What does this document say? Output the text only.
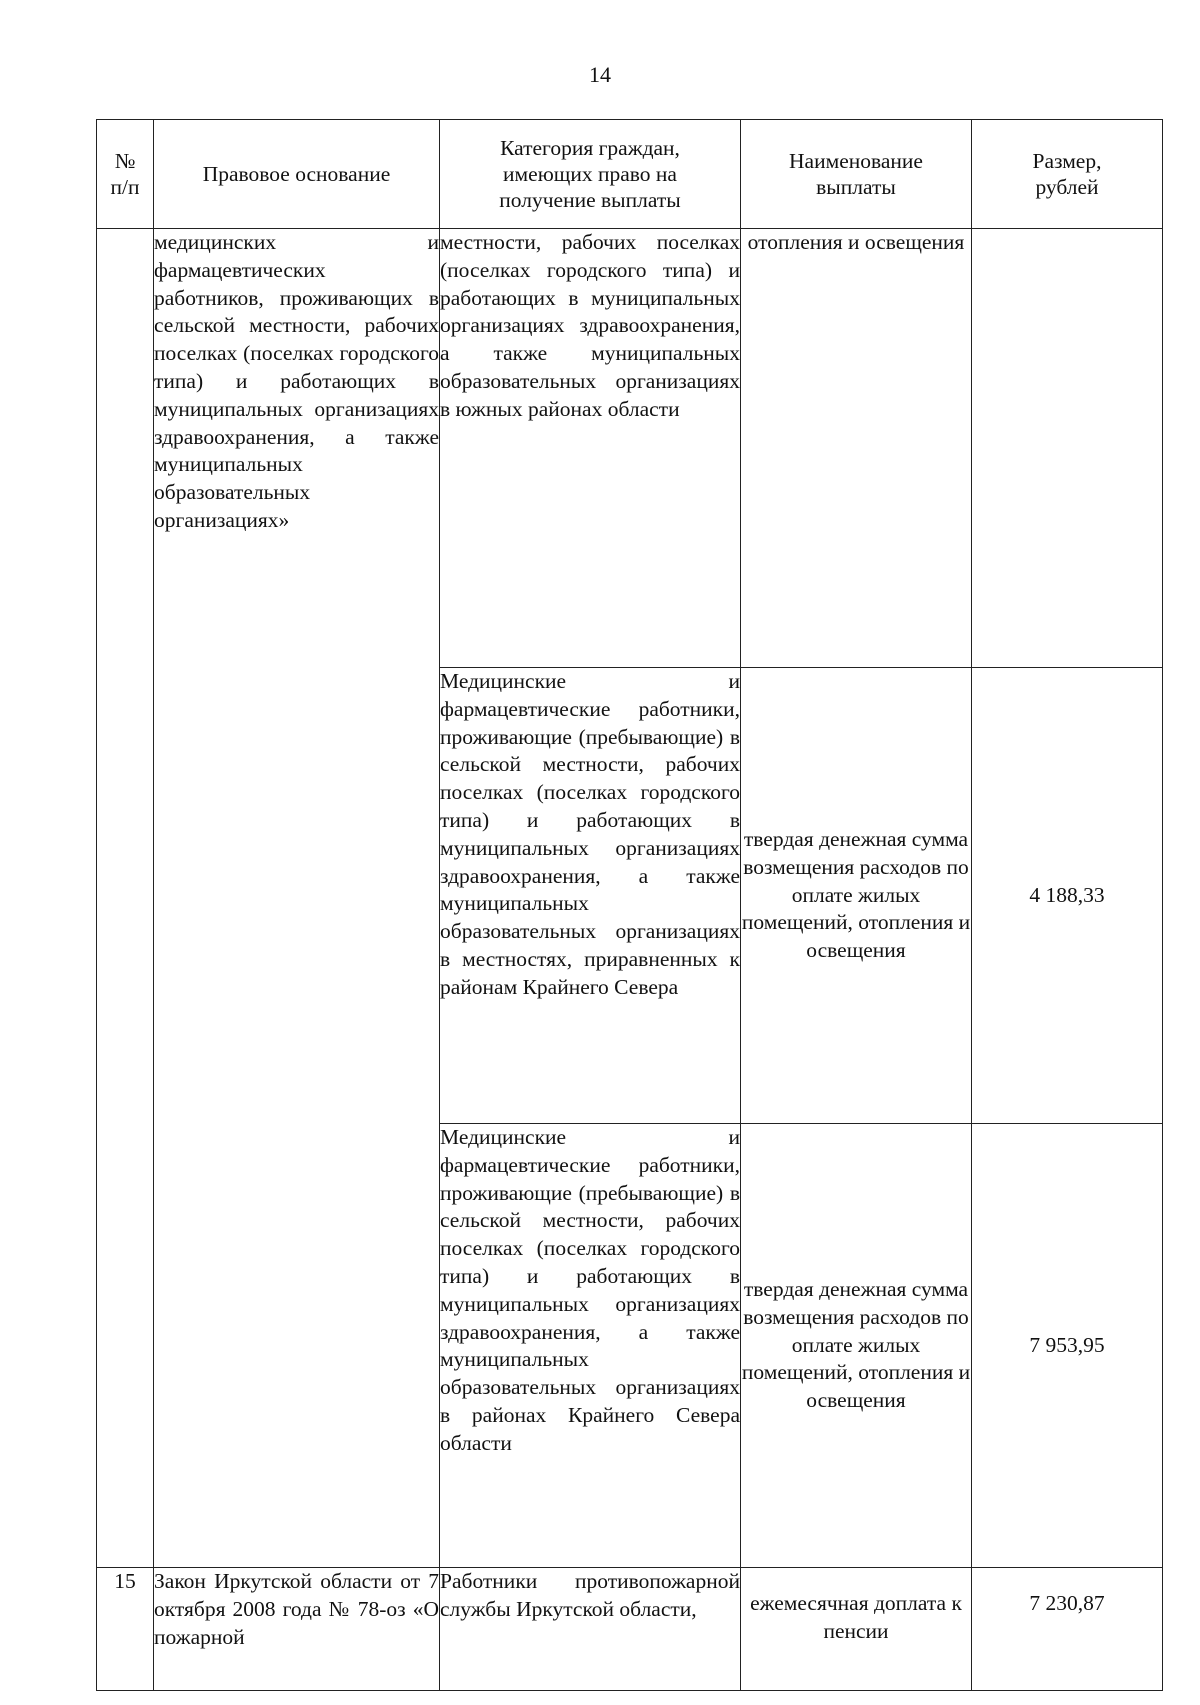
14
№
п/п	Правовое основание	Категория граждан, имеющих право на получение выплаты	Наименование выплаты	Размер, рублей
	медицинских и фармацевтических работников, проживающих в сельской местности, рабочих поселках (поселках городского типа) и работающих в муниципальных организациях здравоохранения, а также муниципальных образовательных организациях»	местности, рабочих поселках (поселках городского типа) и работающих в муниципальных организациях здравоохранения, а также муниципальных образовательных организациях в южных районах области	отопления и освещения	
		Медицинские и фармацевтические работники, проживающие (пребывающие) в сельской местности, рабочих поселках (поселках городского типа) и работающих в муниципальных организациях здравоохранения, а также муниципальных образовательных организациях в местностях, приравненных к районам Крайнего Севера	твердая денежная сумма возмещения расходов по оплате жилых помещений, отопления и освещения	4 188,33
		Медицинские и фармацевтические работники, проживающие (пребывающие) в сельской местности, рабочих поселках (поселках городского типа) и работающих в муниципальных организациях здравоохранения, а также муниципальных образовательных организациях в районах Крайнего Севера области	твердая денежная сумма возмещения расходов по оплате жилых помещений, отопления и освещения	7 953,95
15	Закон Иркутской области от 7 октября 2008 года № 78-оз «О пожарной	Работники противопожарной службы Иркутской области,	ежемесячная доплата к пенсии	7 230,87
